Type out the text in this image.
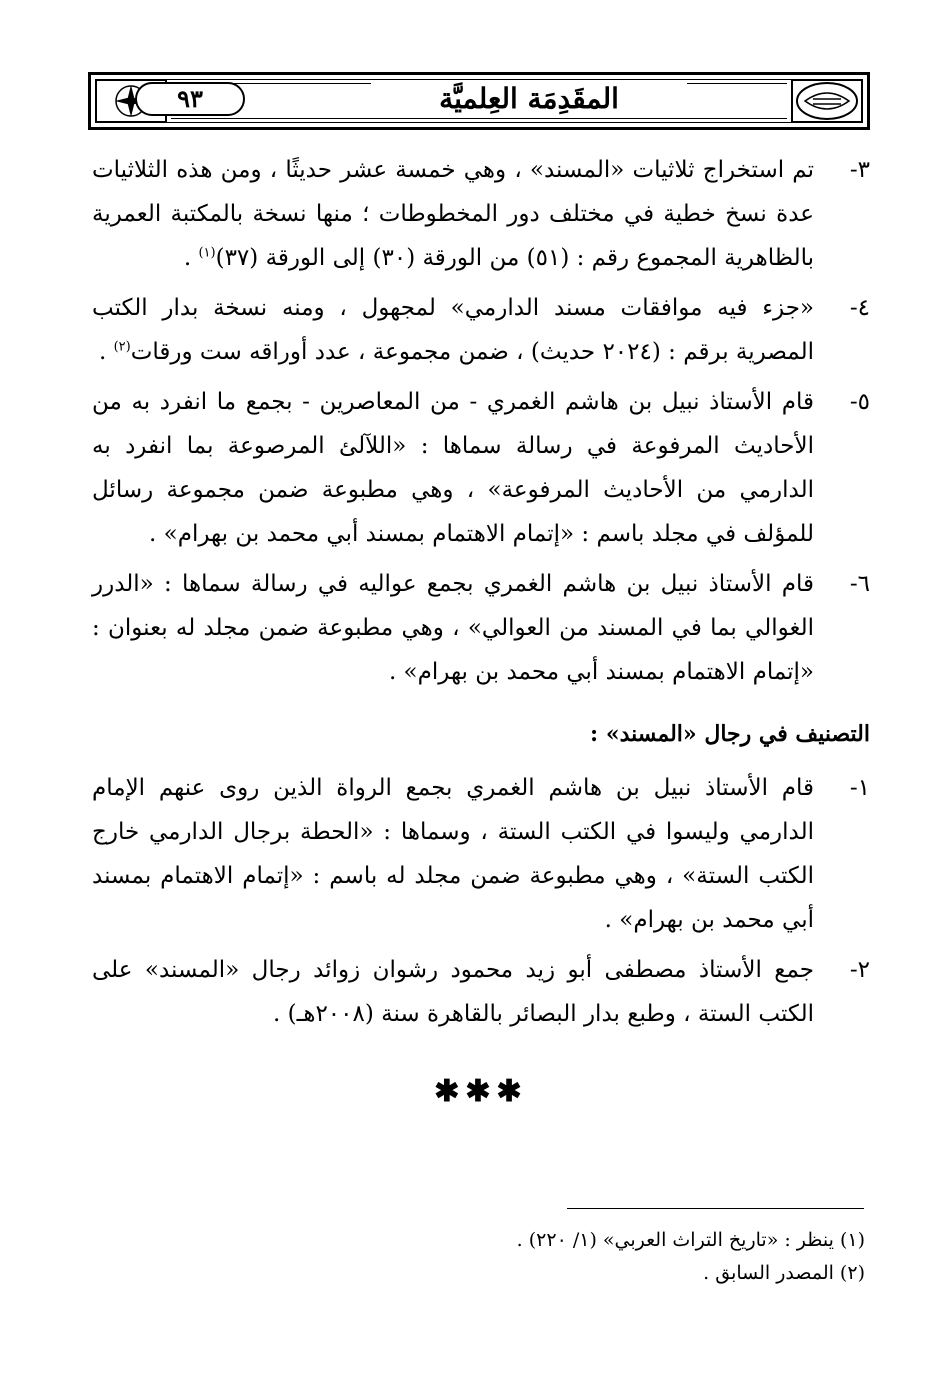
٩٣	المقَدِمَة العِلميَّة
٣-
تم استخراج ثلاثيات «المسند» ، وهي خمسة عشر حديثًا ، ومن هذه الثلاثيات عدة نسخ خطية في مختلف دور المخطوطات ؛ منها نسخة بالمكتبة العمرية بالظاهرية المجموع رقم : (٥١) من الورقة (٣٠) إلى الورقة (٣٧)$^{(١)}$ .
٤-
«جزء فيه موافقات مسند الدارمي» لمجهول ، ومنه نسخة بدار الكتب المصرية برقم : (٢٠٢٤ حديث) ، ضمن مجموعة ، عدد أوراقه ست ورقات$^{(٢)}$ .
٥-
قام الأستاذ نبيل بن هاشم الغمري - من المعاصرين - بجمع ما انفرد به من الأحاديث المرفوعة في رسالة سماها : «اللآلئ المرصوعة بما انفرد به الدارمي من الأحاديث المرفوعة» ، وهي مطبوعة ضمن مجموعة رسائل للمؤلف في مجلد باسم : «إتمام الاهتمام بمسند أبي محمد بن بهرام» .
٦-
قام الأستاذ نبيل بن هاشم الغمري بجمع عواليه في رسالة سماها : «الدرر الغوالي بما في المسند من العوالي» ، وهي مطبوعة ضمن مجلد له بعنوان : «إتمام الاهتمام بمسند أبي محمد بن بهرام» .
التصنيف في رجال «المسند» :
١-
قام الأستاذ نبيل بن هاشم الغمري بجمع الرواة الذين روى عنهم الإمام الدارمي وليسوا في الكتب الستة ، وسماها : «الحطة برجال الدارمي خارج الكتب الستة» ، وهي مطبوعة ضمن مجلد له باسم : «إتمام الاهتمام بمسند أبي محمد بن بهرام» .
٢-
جمع الأستاذ مصطفى أبو زيد محمود رشوان زوائد رجال «المسند» على الكتب الستة ، وطبع بدار البصائر بالقاهرة سنة (٢٠٠٨هـ) .
✱✱✱
(١) ينظر : «تاريخ التراث العربي» (١/ ٢٢٠) .
(٢) المصدر السابق .
